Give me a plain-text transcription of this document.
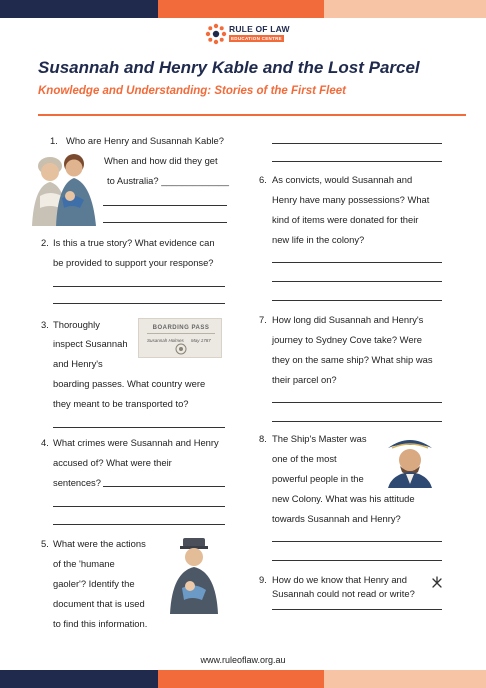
RULE OF LAW
EDUCATION CENTRE
Susannah and Henry Kable and the Lost Parcel
Knowledge and Understanding: Stories of the First Fleet
1. Who are Henry and Susannah Kable?
When and how did they get
to Australia? _____________
2. Is this a true story? What evidence can
be provided to support your response?
3. Thoroughly
inspect Susannah
and Henry's
boarding passes. What country were
they meant to be transported to?
BOARDING PASS
Susannah Holmes May 1787
4. What crimes were Susannah and Henry
accused of? What were their
sentences?
5. What were the actions
of the 'humane
gaoler'? Identify the
document that is used
to find this information.
6. As convicts, would Susannah and
Henry have many possessions? What
kind of items were donated for their
new life in the colony?
7. How long did Susannah and Henry's
journey to Sydney Cove take? Were
they on the same ship? What ship was
their parcel on?
8. The Ship's Master was
one of the most
powerful people in the
new Colony. What was his attitude
towards Susannah and Henry?
9. How do we know that Henry and
Susannah could not read or write?
www.ruleoflaw.org.au
